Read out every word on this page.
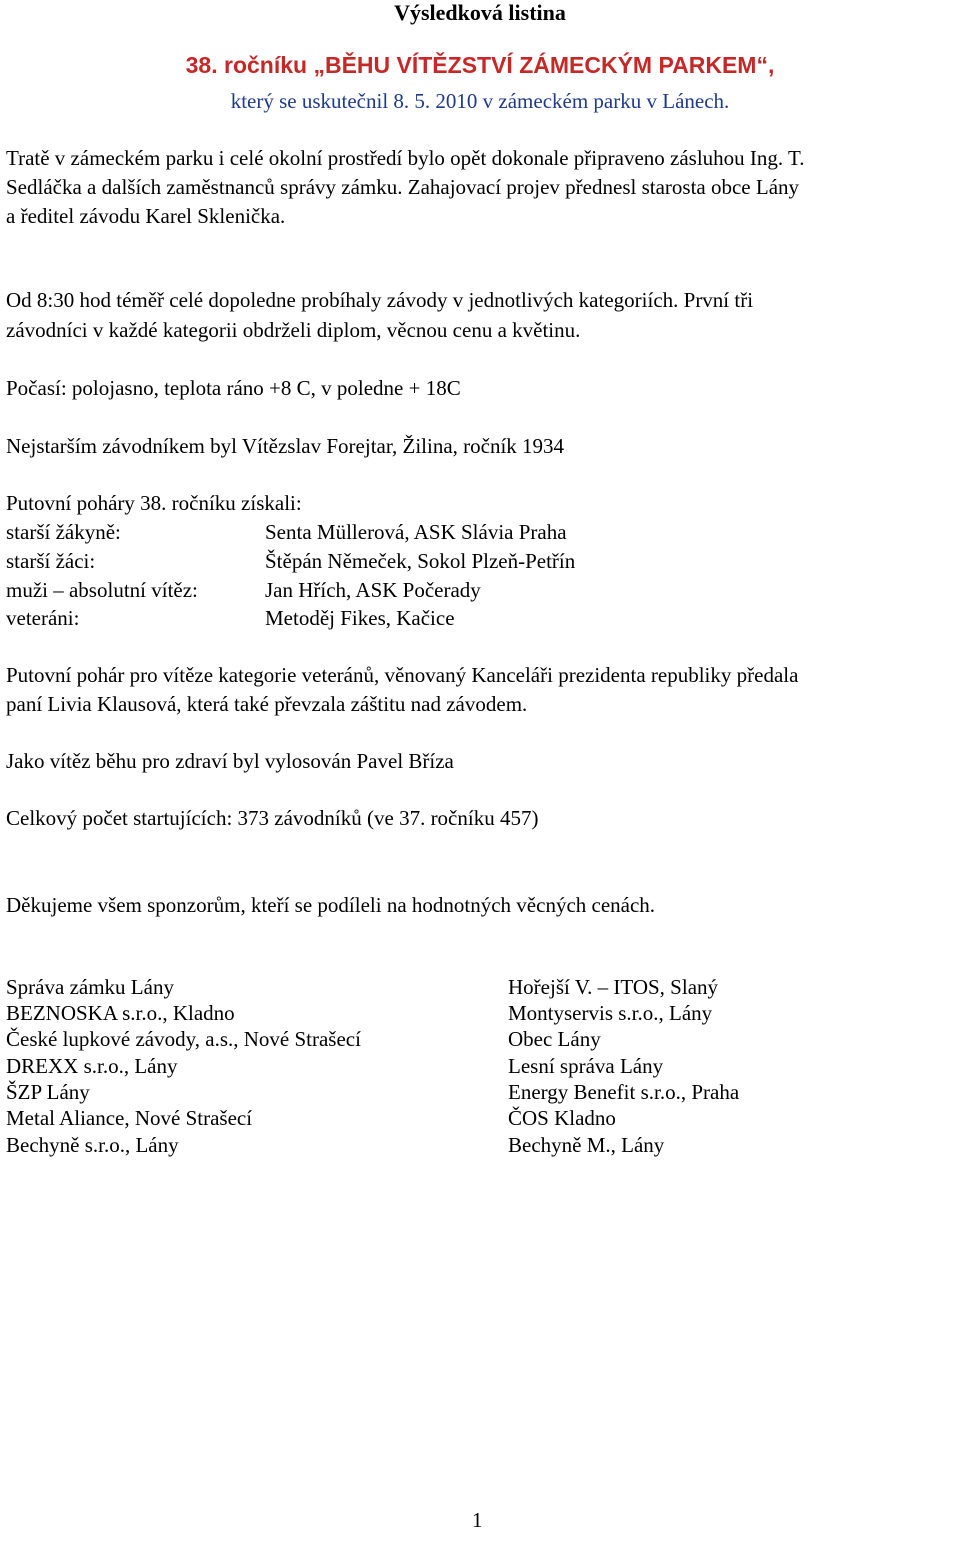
Výsledková listina

38. ročníku „BĚHU VÍTĚZSTVÍ ZÁMECKÝM PARKEM“,

který se uskutečnil 8. 5. 2010 v zámeckém parku v Lánech.

Tratě v zámeckém parku i celé okolní prostředí bylo opět dokonale připraveno zásluhou Ing. T.

Sedláčka a dalších zaměstnanců správy zámku. Zahajovací projev přednesl starosta obce Lány

a ředitel závodu Karel Sklenička.

Od 8:30 hod téměř celé dopoledne probíhaly závody v jednotlivých kategoriích. První tři

závodníci v každé kategorii obdrželi diplom, věcnou cenu a květinu.

Počasí: polojasno, teplota ráno +8 C, v poledne + 18C

Nejstarším závodníkem byl Vítězslav Forejtar, Žilina, ročník 1934

Putovní poháry 38. ročníku získali:

starší žákyně:	Senta Müllerová, ASK Slávia Praha

starší žáci:	Štěpán Němeček, Sokol Plzeň-Petřín

muži – absolutní vítěz:	Jan Hřích, ASK Počerady

veteráni:	Metoděj Fikes, Kačice

Putovní pohár pro vítěze kategorie veteránů, věnovaný Kanceláři prezidenta republiky předala

paní Livia Klausová, která také převzala záštitu nad závodem.

Jako vítěz běhu pro zdraví byl vylosován Pavel Bříza

Celkový počet startujících: 373 závodníků (ve 37. ročníku 457)

Děkujeme všem sponzorům, kteří se podíleli na hodnotných věcných cenách.

Správa zámku Lány

BEZNOSKA s.r.o., Kladno

České lupkové závody, a.s., Nové Strašecí

DREXX s.r.o., Lány

ŠZP Lány

Metal Aliance, Nové Strašecí

Bechyně s.r.o., Lány

Hořejší V. – ITOS, Slaný

Montyservis s.r.o., Lány

Obec Lány

Lesní správa Lány

Energy Benefit s.r.o., Praha

ČOS Kladno

Bechyně M., Lány

1
